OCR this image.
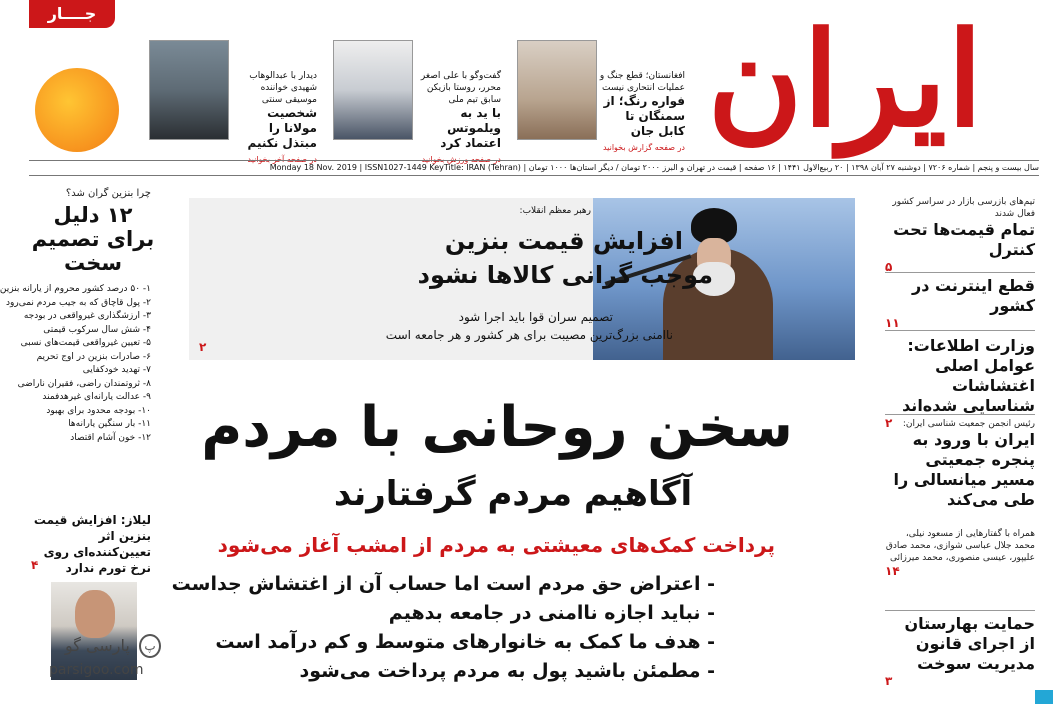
ایران
جــــار
افغانستان؛ قطع جنگ و عملیات انتحاری نیست
فواره رنگ؛ از سمنگان تا کابل جان
در صفحه گزارش بخوانید
گفت‌وگو با علی اصغر محرر، روستا بازیکن سابق تیم ملی
با ید به ویلموتس اعتماد کرد
در صفحه ورزش بخوانید
دیدار با عبدالوهاب شهیدی خواننده موسیقی سنتی
شخصیت مولانا را مبتذل نکنیم
در صفحه آخر بخوانید
سال بیست و پنجم | شماره ۷۲۰۶ | دوشنبه ۲۷ آبان ۱۳۹۸ | ۲۰ ربیع‌الاول ۱۴۴۱ | ۱۶ صفحه | قیمت در تهران و البرز ۲۰۰۰ تومان / دیگر استان‌ها ۱۰۰۰ تومان | Monday 18 Nov. 2019 | ISSN1027-1449 KeyTitle: IRAN (Tehran)
تیم‌های بازرسی بازار در سراسر کشور فعال شدند
تمام قیمت‌ها تحت کنترل
۵
قطع اینترنت در کشور
۱۱
وزارت اطلاعات: عوامل اصلی اغتشاشات شناسایی شده‌اند
۲	رئیس انجمن جمعیت شناسی ایران:
ایران با ورود به پنجره جمعیتی مسیر میانسالی را طی می‌کند
همراه با گفتارهایی از مسعود نیلی، محمد جلال عباسی شوازی، محمد صادق علیپور، عیسی منصوری، محمد میرزائی
۱۴
حمایت بهارستان از اجرای قانون مدیریت سوخت
۳
چرا بنزین گران شد؟
۱۲ دلیل برای تصمیم سخت
۱- ۵۰ درصد کشور محروم از یارانه بنزین
۲- پول قاچاق که به جیب مردم نمی‌رود
۳- ارزشگذاری غیرواقعی در بودجه
۴- شش سال سرکوب قیمتی
۵- تعیین غیرواقعی قیمت‌های نسبی
۶- صادرات بنزین در اوج تحریم
۷- تهدید خودکفایی
۸- ثروتمندان راضی، فقیران ناراضی
۹- عدالت یارانه‌ای غیرهدفمند
۱۰- بودجه محدود برای بهبود
۱۱- بار سنگین یارانه‌ها
۱۲- خون آشام اقتصاد
لیلاز: افزایش قیمت بنزین اثر تعیین‌کننده‌ای روی نرخ تورم ندارد
۴
رهبر معظم انقلاب:
افزایش قیمت بنزین
موجب گرانی کالاها نشود
تصمیم سران قوا باید اجرا شود
ناامنی بزرگ‌ترین مصیبت برای هر کشور و هر جامعه است
۲
سخن روحانی با مردم
آگاهیم مردم گرفتارند
پرداخت کمک‌های معیشتی به مردم از امشب آغاز می‌شود
- اعتراض حق مردم است اما حساب آن از اغتشاش جداست
- نباید اجازه ناامنی در جامعه بدهیم
- هدف ما کمک به خانوارهای متوسط و کم درآمد است
- مطمئن باشید پول به مردم پرداخت می‌شود
پ
پارسی گو
parsigoo.com
